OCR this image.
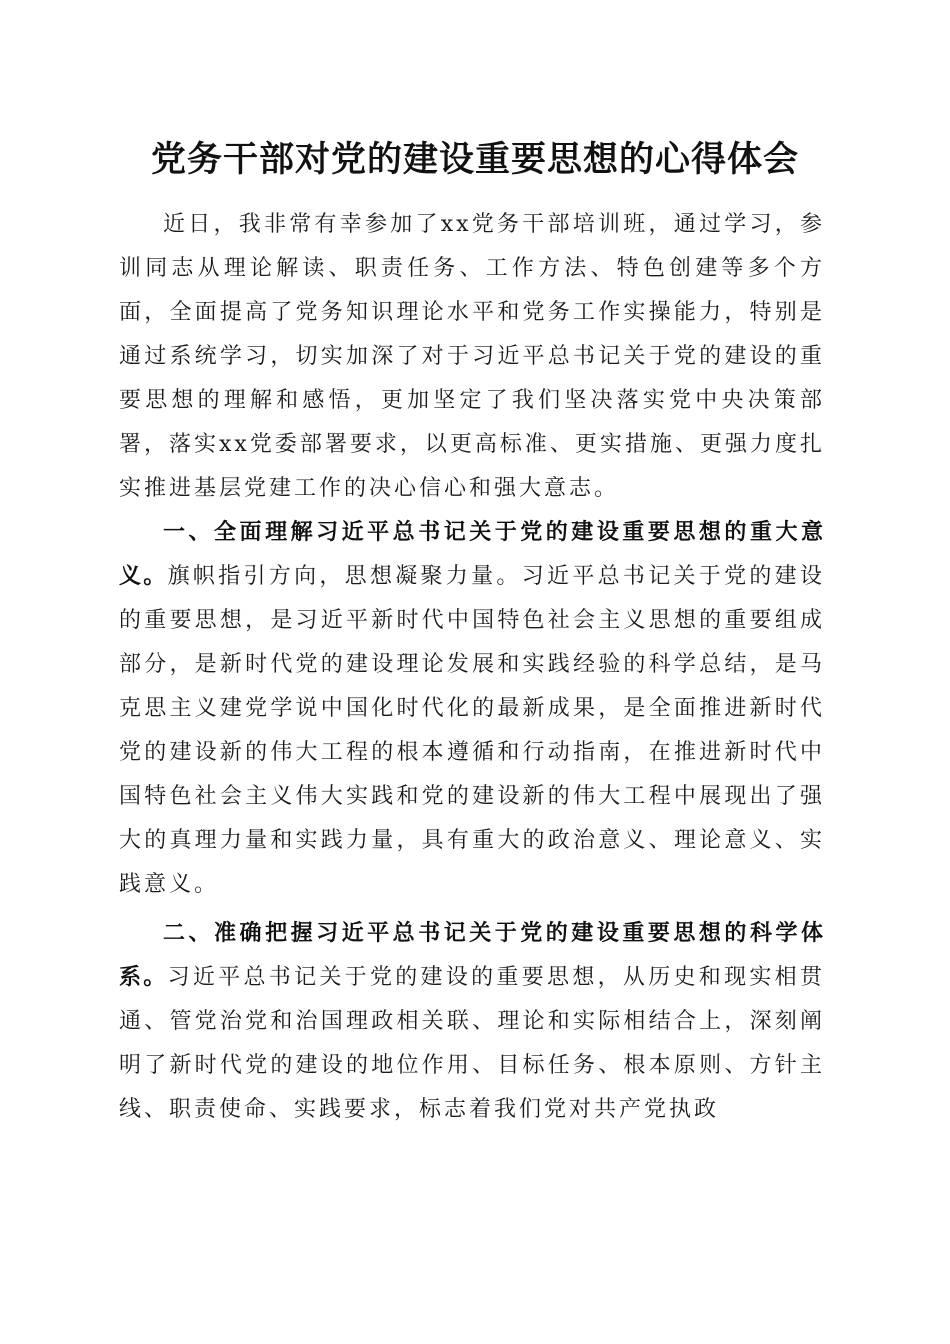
党务干部对党的建设重要思想的心得体会

近日，我非常有幸参加了xx党务干部培训班，通过学习，参训同志从理论解读、职责任务、工作方法、特色创建等多个方面，全面提高了党务知识理论水平和党务工作实操能力，特别是通过系统学习，切实加深了对于习近平总书记关于党的建设的重要思想的理解和感悟，更加坚定了我们坚决落实党中央决策部署，落实xx党委部署要求，以更高标准、更实措施、更强力度扎实推进基层党建工作的决心信心和强大意志。

一、全面理解习近平总书记关于党的建设重要思想的重大意义。旗帜指引方向，思想凝聚力量。习近平总书记关于党的建设的重要思想，是习近平新时代中国特色社会主义思想的重要组成部分，是新时代党的建设理论发展和实践经验的科学总结，是马克思主义建党学说中国化时代化的最新成果，是全面推进新时代党的建设新的伟大工程的根本遵循和行动指南，在推进新时代中国特色社会主义伟大实践和党的建设新的伟大工程中展现出了强大的真理力量和实践力量，具有重大的政治意义、理论意义、实践意义。

二、准确把握习近平总书记关于党的建设重要思想的科学体系。习近平总书记关于党的建设的重要思想，从历史和现实相贯通、管党治党和治国理政相关联、理论和实际相结合上，深刻阐明了新时代党的建设的地位作用、目标任务、根本原则、方针主线、职责使命、实践要求，标志着我们党对共产党执政
